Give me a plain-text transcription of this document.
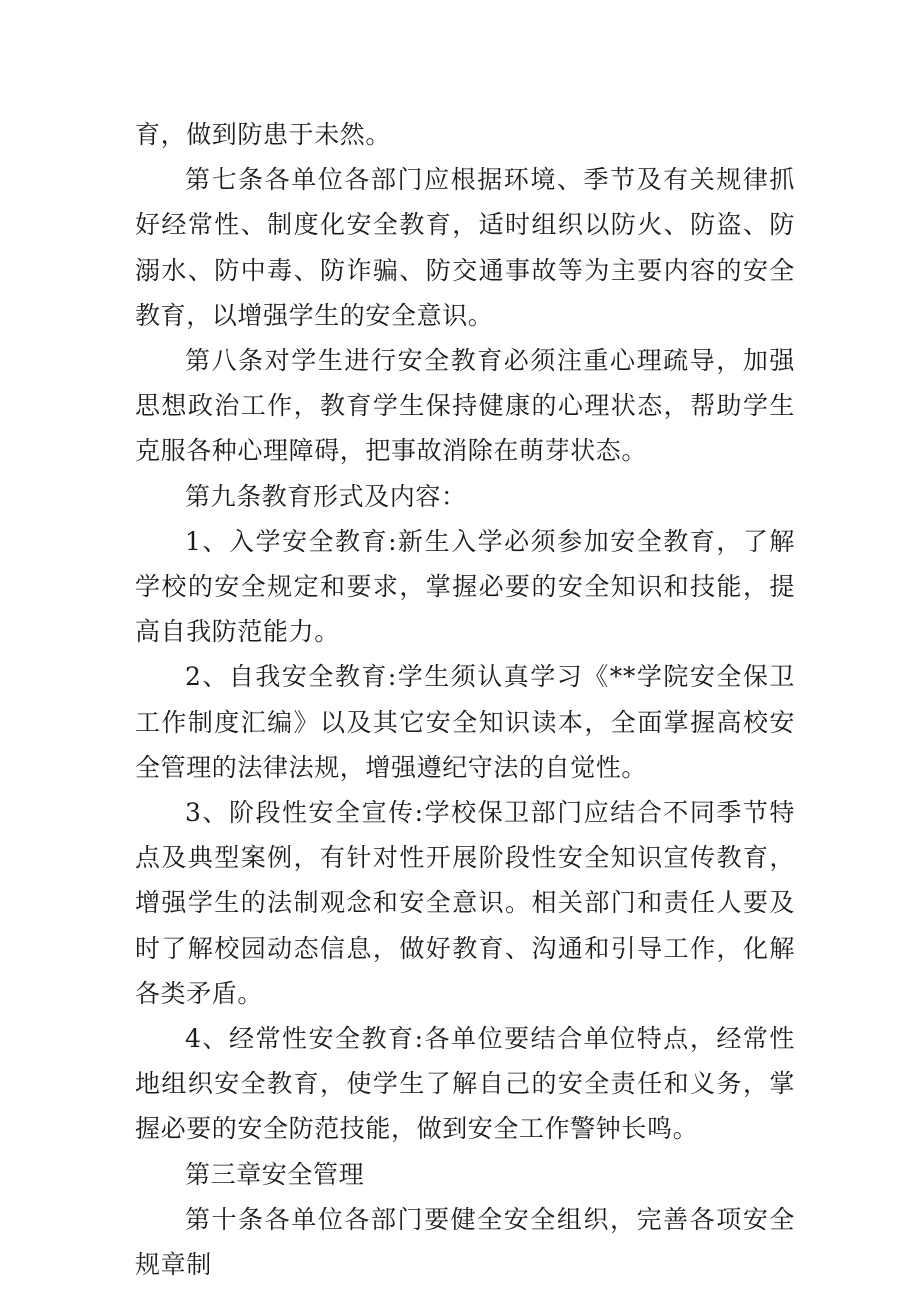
育，做到防患于未然。

第七条各单位各部门应根据环境、季节及有关规律抓好经常性、制度化安全教育，适时组织以防火、防盗、防溺水、防中毒、防诈骗、防交通事故等为主要内容的安全教育，以增强学生的安全意识。

第八条对学生进行安全教育必须注重心理疏导，加强思想政治工作，教育学生保持健康的心理状态，帮助学生克服各种心理障碍，把事故消除在萌芽状态。

第九条教育形式及内容：

1、入学安全教育:新生入学必须参加安全教育，了解学校的安全规定和要求，掌握必要的安全知识和技能，提高自我防范能力。

2、自我安全教育:学生须认真学习《**学院安全保卫工作制度汇编》以及其它安全知识读本，全面掌握高校安全管理的法律法规，增强遵纪守法的自觉性。

3、阶段性安全宣传:学校保卫部门应结合不同季节特点及典型案例，有针对性开展阶段性安全知识宣传教育，增强学生的法制观念和安全意识。相关部门和责任人要及时了解校园动态信息，做好教育、沟通和引导工作，化解各类矛盾。

4、经常性安全教育:各单位要结合单位特点，经常性地组织安全教育，使学生了解自己的安全责任和义务，掌握必要的安全防范技能，做到安全工作警钟长鸣。

第三章安全管理

第十条各单位各部门要健全安全组织，完善各项安全规章制
